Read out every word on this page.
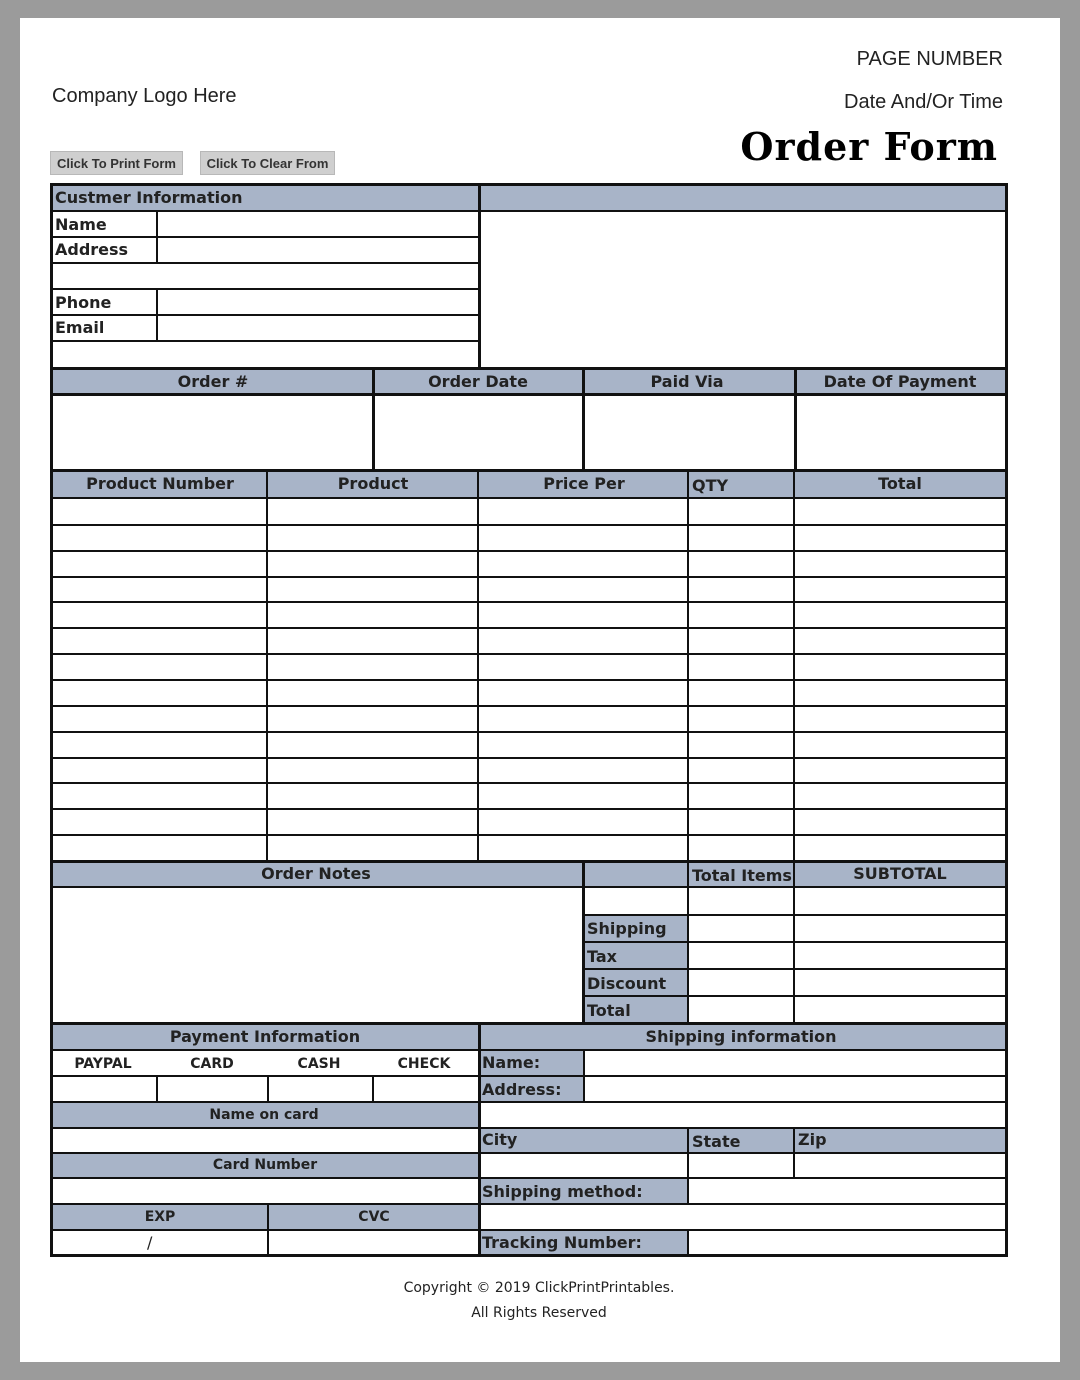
PAGE NUMBER
Date And/Or Time
Company Logo Here
Order Form
Click To Print Form	Click To Clear From
Custmer Information
Name
Address
Phone
Email
Order #	Order Date	Paid Via	Date Of Payment
Product Number	Product	Price Per	QTY	Total
Order Notes	Total Items	SUBTOTAL
Shipping
Tax
Discount
Total
Payment Information
PAYPAL	CARD	CASH	CHECK
Name on card
Card Number
EXP	CVC
/
Shipping information
Name:
Address:
City	State	Zip
Shipping method:
Tracking Number:
Copyright © 2019 ClickPrintPrintables.
All Rights Reserved
